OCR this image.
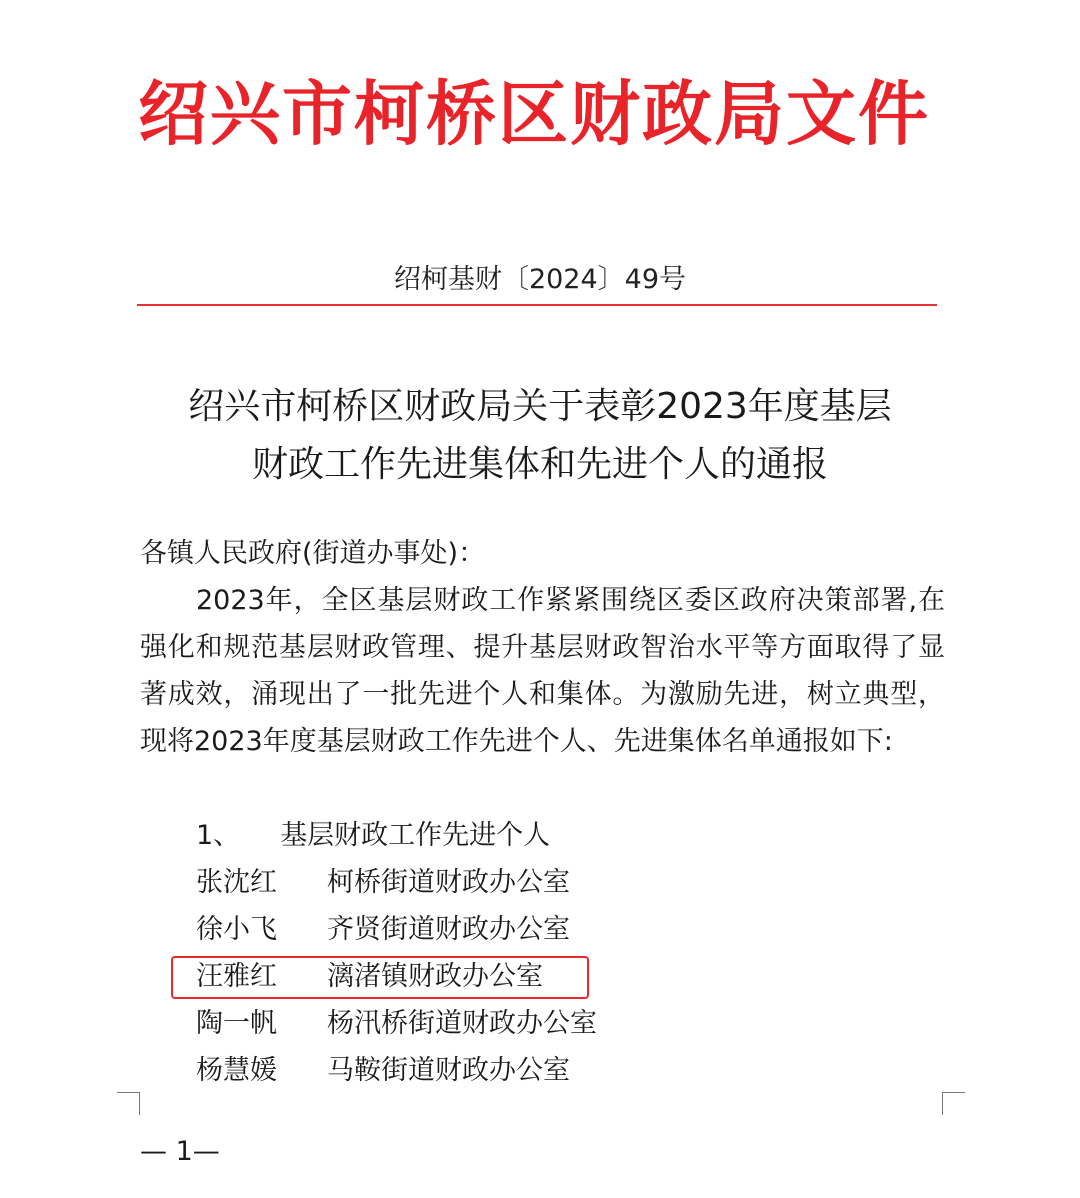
绍兴市柯桥区财政局文件
绍柯基财〔2024〕49号
绍兴市柯桥区财政局关于表彰2023年度基层
财政工作先进集体和先进个人的通报
各镇人民政府(街道办事处)：
2023年，全区基层财政工作紧紧围绕区委区政府决策部署,在强化和规范基层财政管理、提升基层财政智治水平等方面取得了显著成效，涌现出了一批先进个人和集体。为激励先进，树立典型，现将2023年度基层财政工作先进个人、先进集体名单通报如下:
1、 基层财政工作先进个人
张沈红 柯桥街道财政办公室
徐小飞 齐贤街道财政办公室
汪雅红 漓渚镇财政办公室
陶一帆 杨汛桥街道财政办公室
杨慧媛 马鞍街道财政办公室
— 1—
